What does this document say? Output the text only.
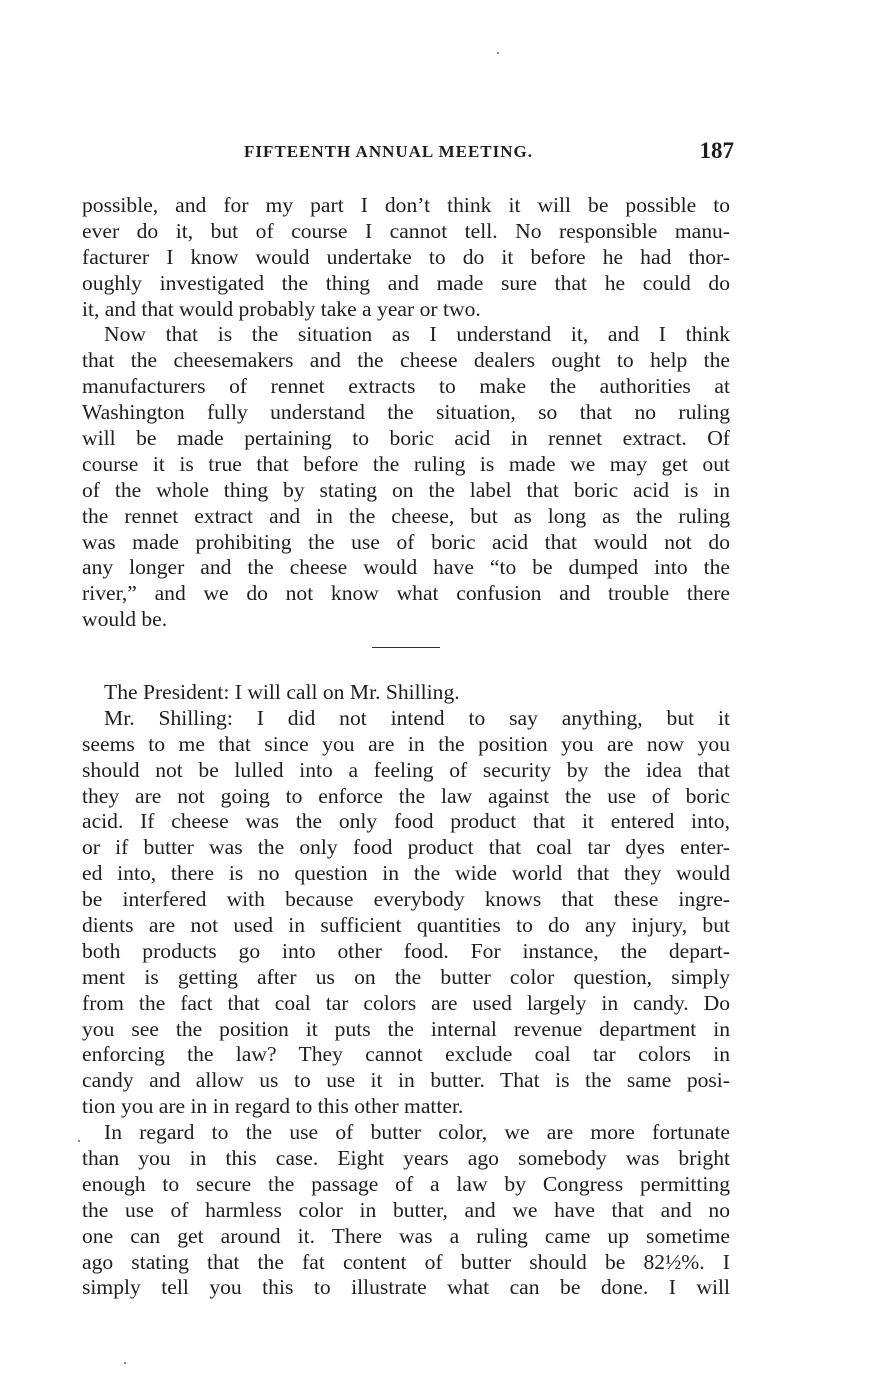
FIFTEENTH ANNUAL MEETING.	187
possible, and for my part I don’t think it will be possible to
ever do it, but of course I cannot tell. No responsible manu-
facturer I know would undertake to do it before he had thor-
oughly investigated the thing and made sure that he could do
it, and that would probably take a year or two.
Now that is the situation as I understand it, and I think
that the cheesemakers and the cheese dealers ought to help the
manufacturers of rennet extracts to make the authorities at
Washington fully understand the situation, so that no ruling
will be made pertaining to boric acid in rennet extract. Of
course it is true that before the ruling is made we may get out
of the whole thing by stating on the label that boric acid is in
the rennet extract and in the cheese, but as long as the ruling
was made prohibiting the use of boric acid that would not do
any longer and the cheese would have “to be dumped into the
river,” and we do not know what confusion and trouble there
would be.
The President: I will call on Mr. Shilling.
Mr. Shilling: I did not intend to say anything, but it
seems to me that since you are in the position you are now you
should not be lulled into a feeling of security by the idea that
they are not going to enforce the law against the use of boric
acid. If cheese was the only food product that it entered into,
or if butter was the only food product that coal tar dyes enter-
ed into, there is no question in the wide world that they would
be interfered with because everybody knows that these ingre-
dients are not used in sufficient quantities to do any injury, but
both products go into other food. For instance, the depart-
ment is getting after us on the butter color question, simply
from the fact that coal tar colors are used largely in candy. Do
you see the position it puts the internal revenue department in
enforcing the law? They cannot exclude coal tar colors in
candy and allow us to use it in butter. That is the same posi-
tion you are in in regard to this other matter.
In regard to the use of butter color, we are more fortunate
than you in this case. Eight years ago somebody was bright
enough to secure the passage of a law by Congress permitting
the use of harmless color in butter, and we have that and no
one can get around it. There was a ruling came up sometime
ago stating that the fat content of butter should be 82½%. I
simply tell you this to illustrate what can be done. I will
